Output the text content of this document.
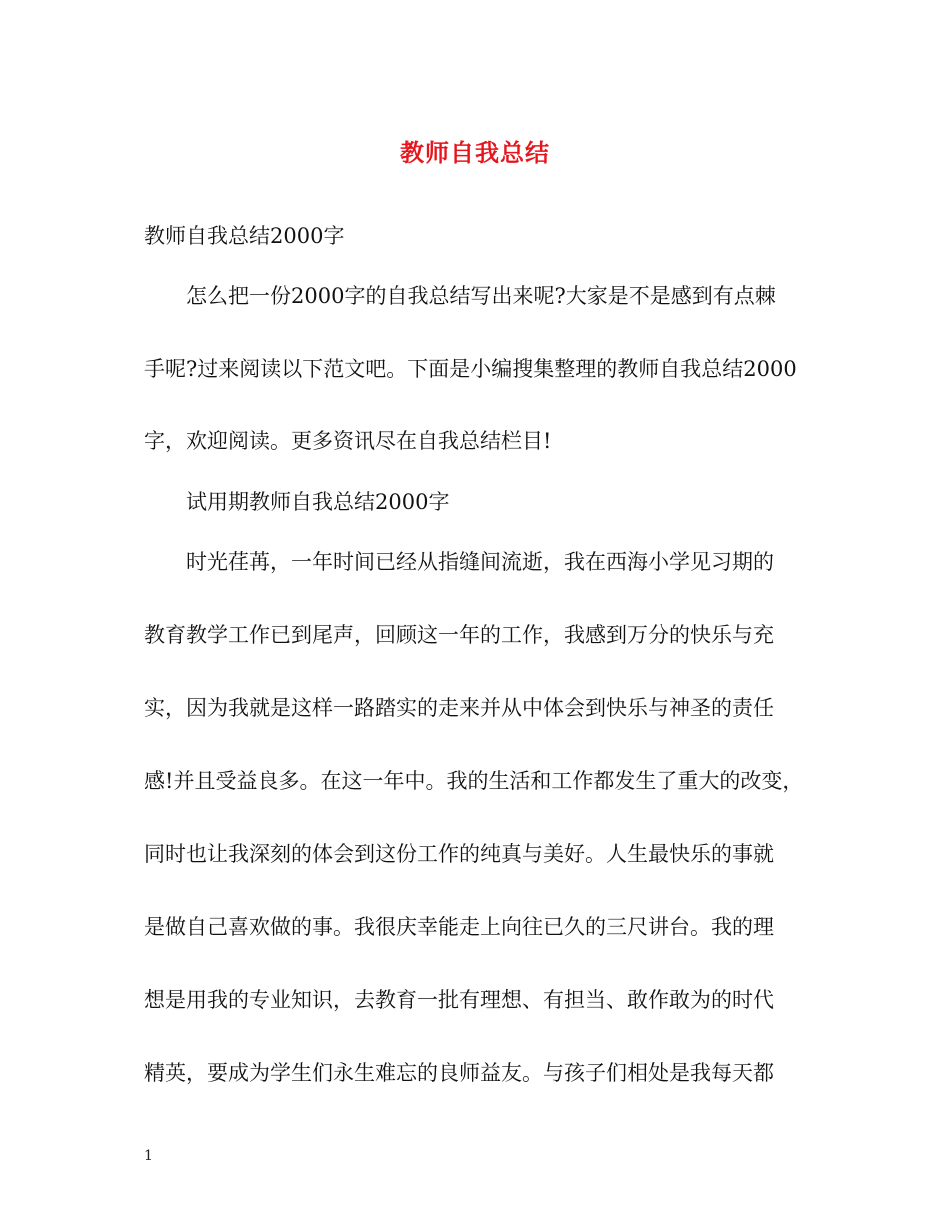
教师自我总结
教师自我总结2000字
怎么把一份2000字的自我总结写出来呢?大家是不是感到有点棘
手呢?过来阅读以下范文吧。下面是小编搜集整理的教师自我总结2000
字，欢迎阅读。更多资讯尽在自我总结栏目!
试用期教师自我总结2000字
时光荏苒，一年时间已经从指缝间流逝，我在西海小学见习期的
教育教学工作已到尾声，回顾这一年的工作，我感到万分的快乐与充
实，因为我就是这样一路踏实的走来并从中体会到快乐与神圣的责任
感!并且受益良多。在这一年中。我的生活和工作都发生了重大的改变，
同时也让我深刻的体会到这份工作的纯真与美好。人生最快乐的事就
是做自己喜欢做的事。我很庆幸能走上向往已久的三尺讲台。我的理
想是用我的专业知识，去教育一批有理想、有担当、敢作敢为的时代
精英，要成为学生们永生难忘的良师益友。与孩子们相处是我每天都
1
